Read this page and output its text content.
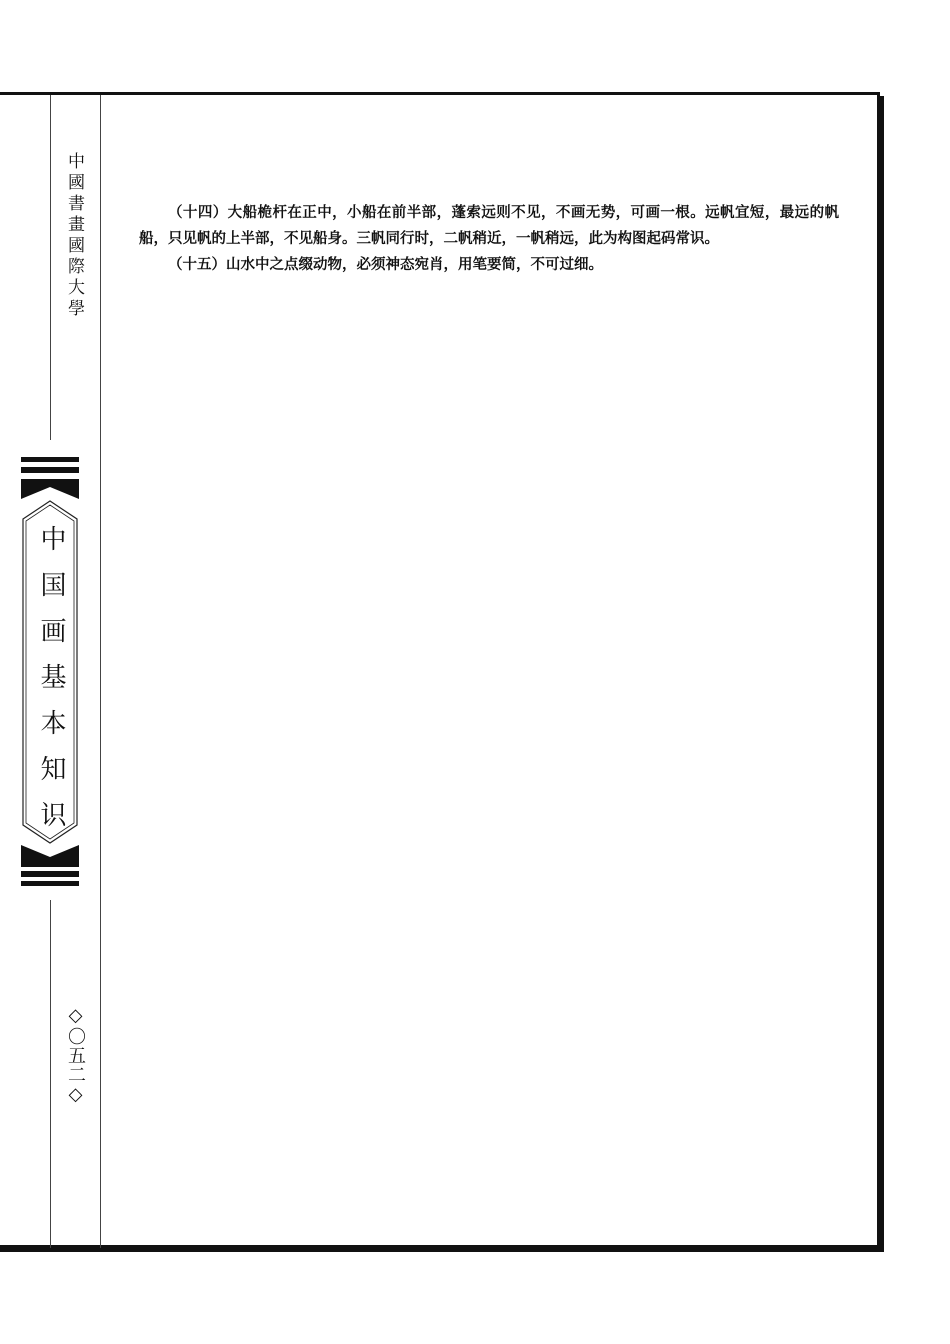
中國書畫國際大學
中国画基本知识
◇〇五二◇

（十四）大船桅杆在正中，小船在前半部，蓬索远则不见，不画无势，可画一根。远帆宜短，最远的帆船，只见帆的上半部，不见船身。三帆同行时，二帆稍近，一帆稍远，此为构图起码常识。

（十五）山水中之点缀动物，必须神态宛肖，用笔要简，不可过细。
